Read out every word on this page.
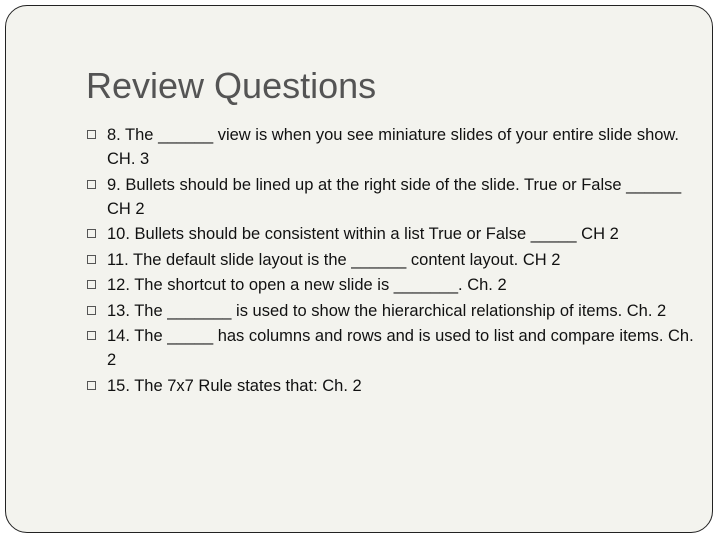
Review Questions
8. The ______ view is when you see miniature slides of your entire slide show. CH. 3
9. Bullets should be lined up at the right side of the slide. True or False ______ CH 2
10. Bullets should be consistent within a list True or False _____ CH 2
11. The default slide layout is the ______ content layout. CH 2
12. The shortcut to open a new slide is _______. Ch. 2
13. The _______ is used to show the hierarchical relationship of items. Ch. 2
14. The _____ has columns and rows and is used to list and compare items. Ch. 2
15. The 7x7 Rule states that: Ch. 2
